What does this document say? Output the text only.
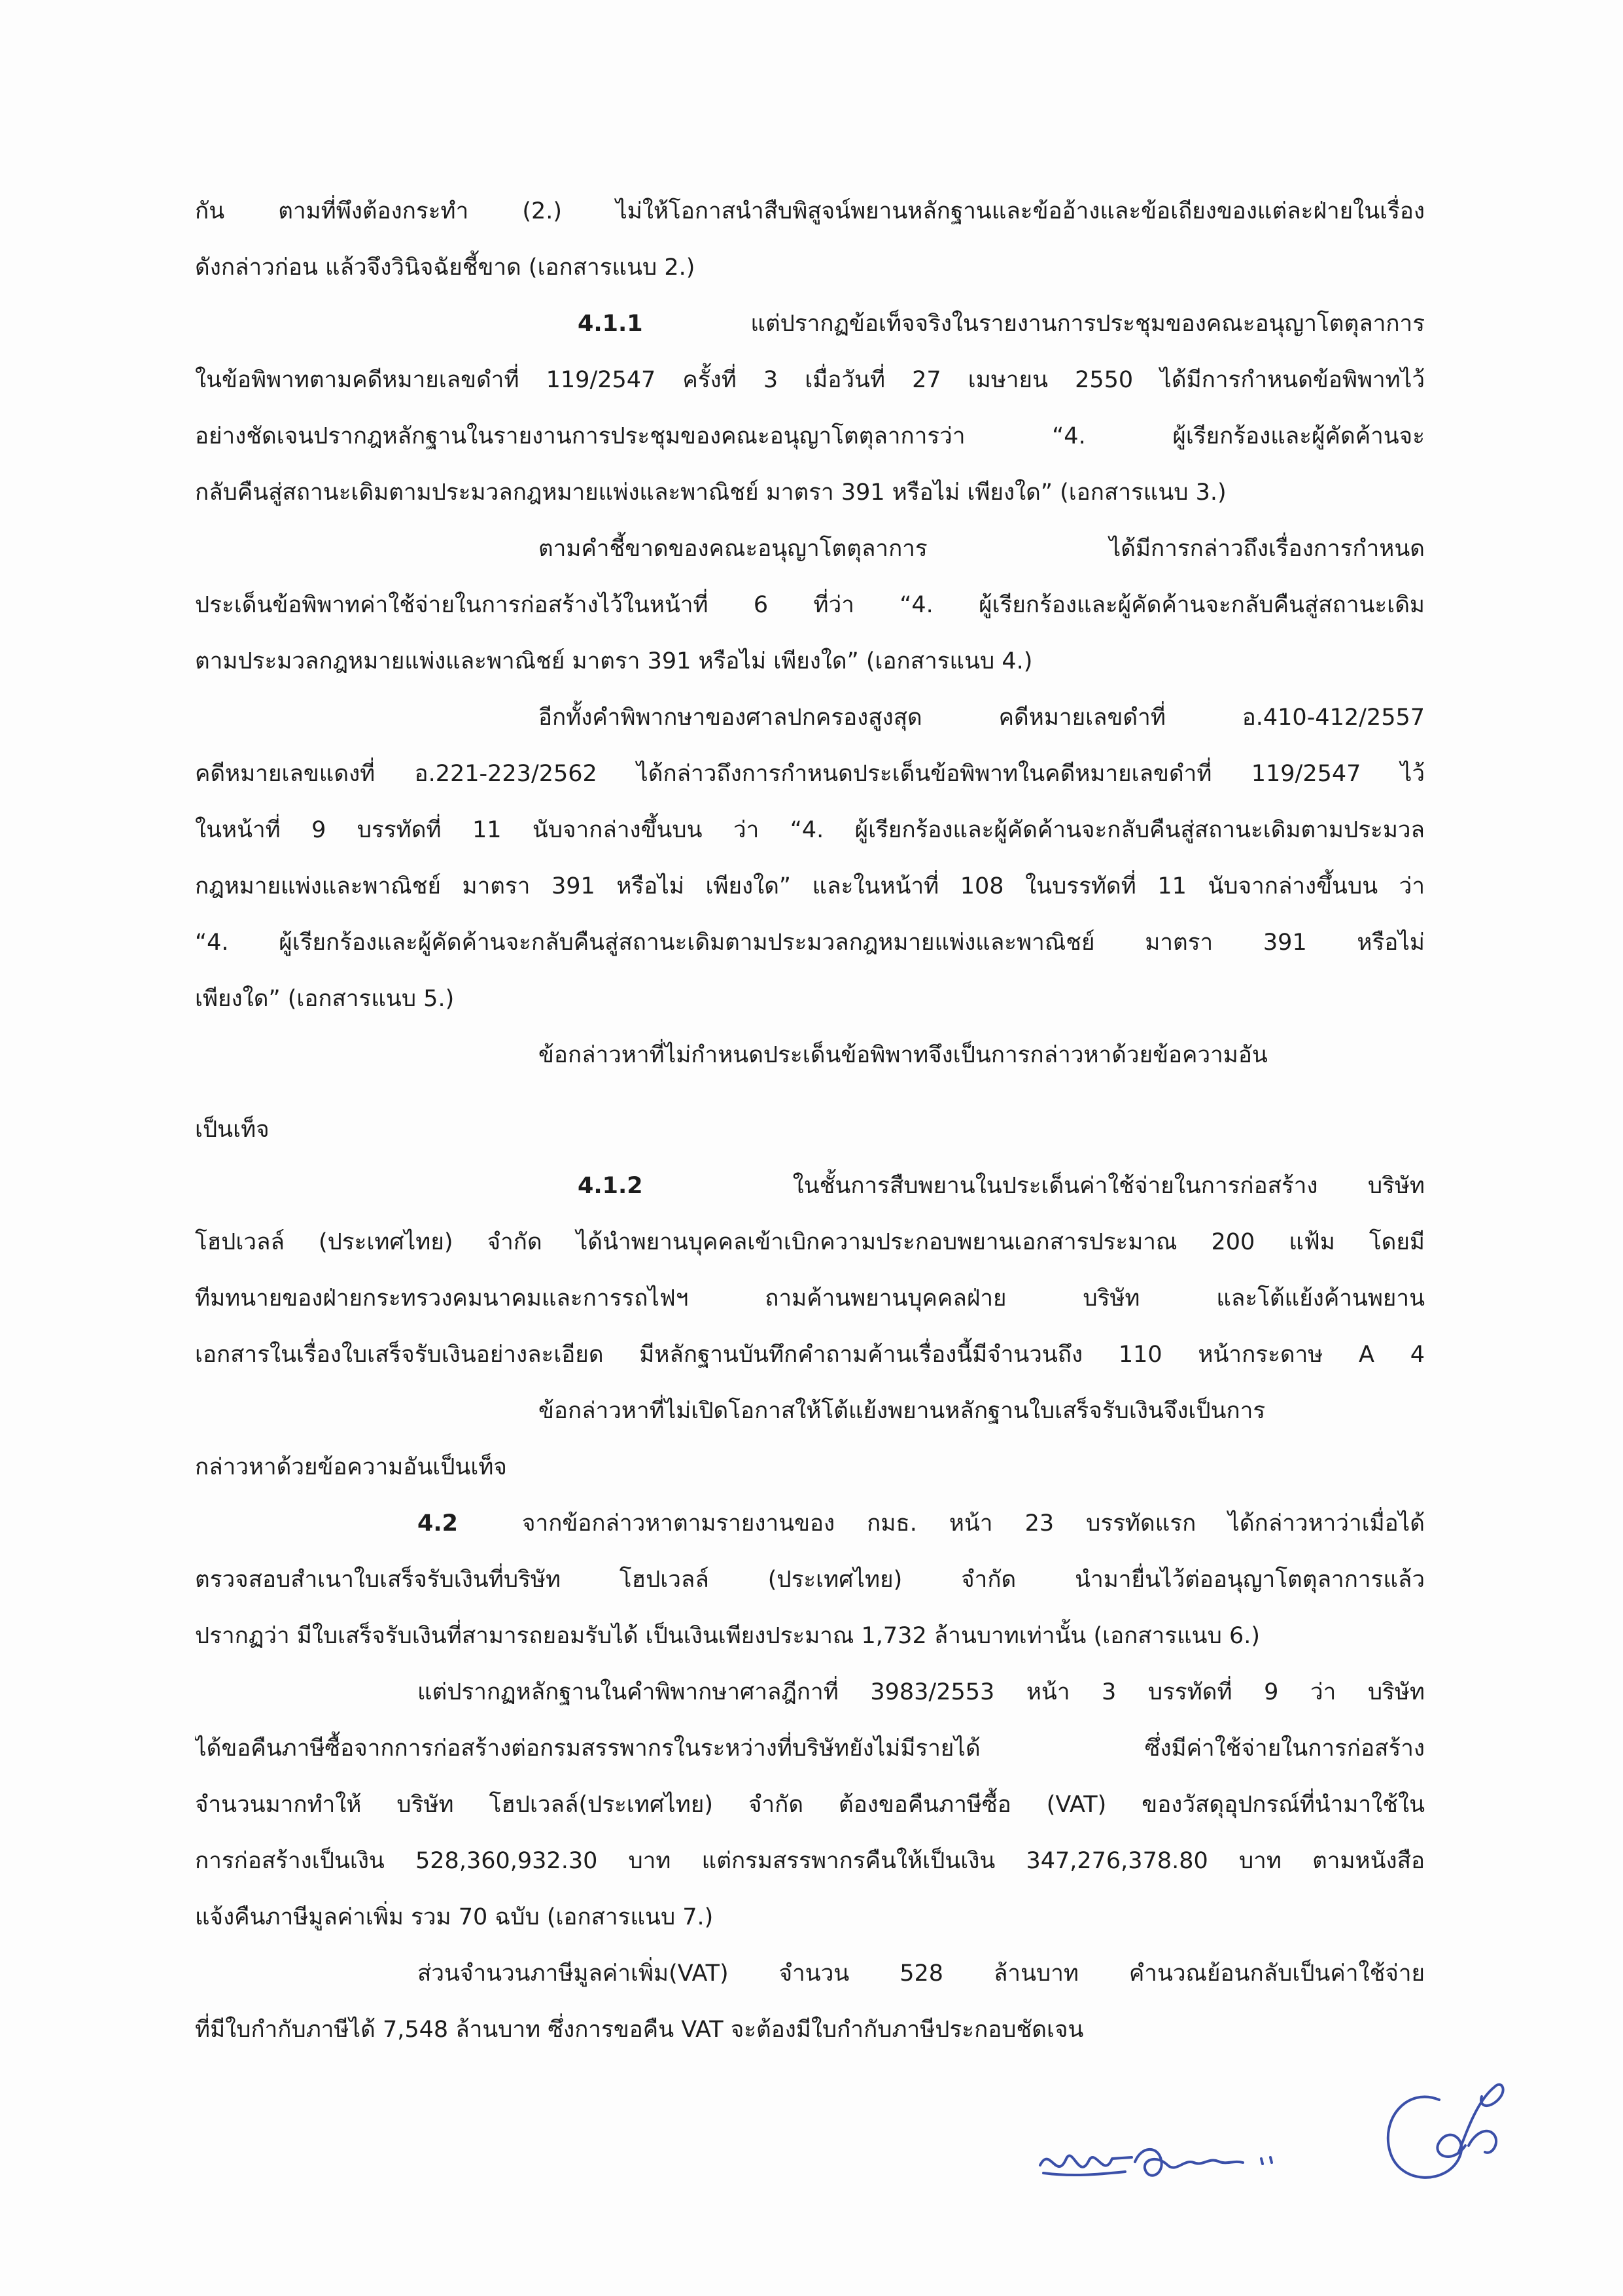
กัน ตามที่พึงต้องกระทำ (2.) ไม่ให้โอกาสนำสืบพิสูจน์พยานหลักฐานและข้ออ้างและข้อเถียงของแต่ละฝ่ายในเรื่อง
ดังกล่าวก่อน แล้วจึงวินิจฉัยชี้ขาด (เอกสารแนบ 2.)
4.1.1	แต่ปรากฏข้อเท็จจริงในรายงานการประชุมของคณะอนุญาโตตุลาการ
ในข้อพิพาทตามคดีหมายเลขดำที่ 119/2547 ครั้งที่ 3 เมื่อวันที่ 27 เมษายน 2550 ได้มีการกำหนดข้อพิพาทไว้
อย่างชัดเจนปรากฎหลักฐานในรายงานการประชุมของคณะอนุญาโตตุลาการว่า “4. ผู้เรียกร้องและผู้คัดค้านจะ
กลับคืนสู่สถานะเดิมตามประมวลกฎหมายแพ่งและพาณิชย์ มาตรา 391 หรือไม่ เพียงใด” (เอกสารแนบ 3.)
ตามคำชี้ขาดของคณะอนุญาโตตุลาการ ได้มีการกล่าวถึงเรื่องการกำหนด
ประเด็นข้อพิพาทค่าใช้จ่ายในการก่อสร้างไว้ในหน้าที่ 6 ที่ว่า “4. ผู้เรียกร้องและผู้คัดค้านจะกลับคืนสู่สถานะเดิม
ตามประมวลกฎหมายแพ่งและพาณิชย์ มาตรา 391 หรือไม่ เพียงใด” (เอกสารแนบ 4.)
อีกทั้งคำพิพากษาของศาลปกครองสูงสุด คดีหมายเลขดำที่ อ.410-412/2557
คดีหมายเลขแดงที่ อ.221-223/2562 ได้กล่าวถึงการกำหนดประเด็นข้อพิพาทในคดีหมายเลขดำที่ 119/2547 ไว้
ในหน้าที่ 9 บรรทัดที่ 11 นับจากล่างขึ้นบน ว่า “4. ผู้เรียกร้องและผู้คัดค้านจะกลับคืนสู่สถานะเดิมตามประมวล
กฎหมายแพ่งและพาณิชย์ มาตรา 391 หรือไม่ เพียงใด” และในหน้าที่ 108 ในบรรทัดที่ 11 นับจากล่างขึ้นบน ว่า
“4. ผู้เรียกร้องและผู้คัดค้านจะกลับคืนสู่สถานะเดิมตามประมวลกฎหมายแพ่งและพาณิชย์ มาตรา 391 หรือไม่
เพียงใด” (เอกสารแนบ 5.)
ข้อกล่าวหาที่ไม่กำหนดประเด็นข้อพิพาทจึงเป็นการกล่าวหาด้วยข้อความอัน
เป็นเท็จ
4.1.2	ในชั้นการสืบพยานในประเด็นค่าใช้จ่ายในการก่อสร้าง บริษัท
โฮปเวลล์ (ประเทศไทย) จำกัด ได้นำพยานบุคคลเข้าเบิกความประกอบพยานเอกสารประมาณ 200 แฟ้ม โดยมี
ทีมทนายของฝ่ายกระทรวงคมนาคมและการรถไฟฯ ถามค้านพยานบุคคลฝ่าย บริษัท และโต้แย้งค้านพยาน
เอกสารในเรื่องใบเสร็จรับเงินอย่างละเอียด มีหลักฐานบันทึกคำถามค้านเรื่องนี้มีจำนวนถึง 110 หน้ากระดาษ A 4
ข้อกล่าวหาที่ไม่เปิดโอกาสให้โต้แย้งพยานหลักฐานใบเสร็จรับเงินจึงเป็นการ
กล่าวหาด้วยข้อความอันเป็นเท็จ
4.2	จากข้อกล่าวหาตามรายงานของ กมธ. หน้า 23 บรรทัดแรก ได้กล่าวหาว่าเมื่อได้
ตรวจสอบสำเนาใบเสร็จรับเงินที่บริษัท โฮปเวลล์ (ประเทศไทย) จำกัด นำมายื่นไว้ต่ออนุญาโตตุลาการแล้ว
ปรากฏว่า มีใบเสร็จรับเงินที่สามารถยอมรับได้ เป็นเงินเพียงประมาณ 1,732 ล้านบาทเท่านั้น (เอกสารแนบ 6.)
แต่ปรากฏหลักฐานในคำพิพากษาศาลฎีกาที่ 3983/2553 หน้า 3 บรรทัดที่ 9 ว่า บริษัท
ได้ขอคืนภาษีซื้อจากการก่อสร้างต่อกรมสรรพากรในระหว่างที่บริษัทยังไม่มีรายได้ ซึ่งมีค่าใช้จ่ายในการก่อสร้าง
จำนวนมากทำให้ บริษัท โฮปเวลล์(ประเทศไทย) จำกัด ต้องขอคืนภาษีซื้อ (VAT) ของวัสดุอุปกรณ์ที่นำมาใช้ใน
การก่อสร้างเป็นเงิน 528,360,932.30 บาท แต่กรมสรรพากรคืนให้เป็นเงิน 347,276,378.80 บาท ตามหนังสือ
แจ้งคืนภาษีมูลค่าเพิ่ม รวม 70 ฉบับ (เอกสารแนบ 7.)
ส่วนจำนวนภาษีมูลค่าเพิ่ม(VAT) จำนวน 528 ล้านบาท คำนวณย้อนกลับเป็นค่าใช้จ่าย
ที่มีใบกำกับภาษีได้ 7,548 ล้านบาท ซึ่งการขอคืน VAT จะต้องมีใบกำกับภาษีประกอบชัดเจน
